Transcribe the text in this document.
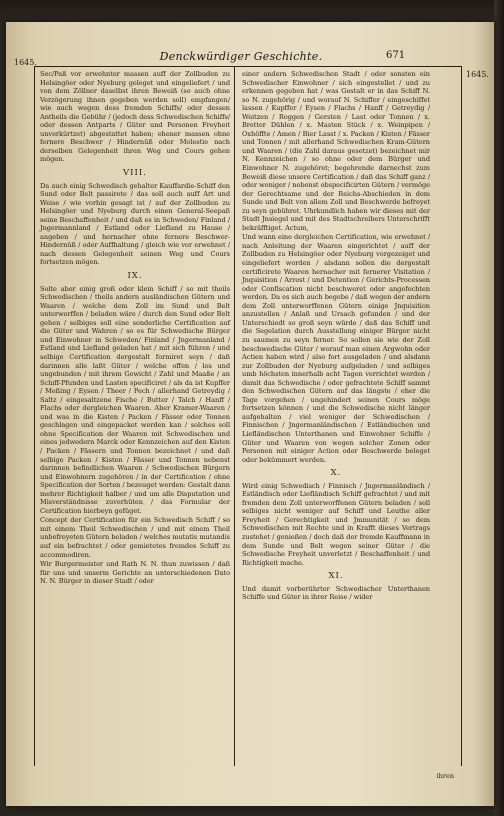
1645.
1645.
Denckwürdiger Geschichte.	671

Sec/Paß vor erwehnter massen auff der Zollbuden zu Helsingöer oder Nyeburg geleget und eingeliefert / und von dem Zöllner daselbst ihren Beweiß (so auch ohne Verzögerung ihnen gegeben werden soll) empfangen/ wie auch wegen dess fremden Schiffs/ oder dessen Antheils die Gebühr / (jedoch dess Schwedischen Schiffs/ oder dessen Antparts / Güter und Personen Freyheit unverkürtzet) abgestattet haben; ehener massen ohne fernere Beschwer / Hindernüß oder Molestie nach derselben Gelegenheit ihren Weg und Cours gehen mögen.

VIII.

Da auch einig Schwedisch gehalter Kauffardie-Schiff den Sund oder Belt passirete / das soll auch auff Art und Weise / wie vorhin gesagt ist / auf der Zollbuden zu Helsingöer und Nyeburg durch einen General-Seepaß seine Beschaffenheit / und daß es in Schweden/ Finland / Jngermannland / Estland oder Liefland zu Hause / angeben / und hernacher ohne fernere Beschwer-Hindernüß / oder Auffhaltung / gleich wie vor erwehnet / nach dessen Gelegenheit seinen Weg und Cours fortsetzen mögen.

IX.

Solte aber einig groß oder klein Schiff / so mit theils Schwedischen / theils andern ausländischen Gütern und Waaren / welche dem Zoll im Sund und Belt unterworffen / beladen wäre / durch den Sund oder Belt gehen / selbiges soll eine sonderliche Certification auf die Güter und Wahren / so es für Schwedische Bürger und Einwohner in Schweden/ Finland / Jngermanland / Estland und Liefland geladen hat / mit sich führen / und selbige Certification dergestalt formiret seyn / daß darinnen alle laßt Güter / welche offen / los und ungebunden / mit ihrem Gewicht / Zahl und Maaße / an Schiff-Pfunden und Lasten specificiret / als da ist Kupffer / Meßing / Eysen / Theer / Pech / allerhand Getreydig / Saltz / eingesaltzene Fische / Butter / Talch / Hanff / Flachs oder dergleichen Waaren. Aber Kramer-Waaren / und was in die Kisten / Packen / Fässer oder Tonnen geschlagen und eingepacket werden kan / solches soll ohne Specification der Waaren mit Schwedischen und eines jedwedern Marck oder Kennzeichen auf den Kisten / Packen / Fässern und Tonnen bezeichnet / und daß selbige Packen / Kisten / Fässer und Tonnen nebenst darinnen befindlichen Waaren / Schwedischen Bürgern und Einwohnern zugehören / in der Certification / ohne Specification der Sorten / bezeuget werden: Gestalt dann mehrer Richtigkeit halber / und um alle Disputation und Misverständnisse zuverhüten / das Formular der Certification hierbeyn gefüget.

Concept der Certification für ein Schwedisch Schiff / so mit einem Theil Schwedischen / und mit einem Theil unbefreyeten Gütern beladen / welches mutatis mutandis auf ein befrachtet / oder gemietetes fremdes Schiff zu accommodiren.

Wir Burgermeister und Rath N. N. thun zuwissen / daß für uns und unserm Gerichte an unterschiedenen Dato N. N. Bürger in dieser Stadt / oder

einer andern Schwedischen Stadt / oder sonsten ein Schwedischer Einwohner / sich eingestellet / und zu erkennen gegeben hat / was Gestalt er in das Schiff N. so N. zugehörig / und worauf N. Schiffer / eingeschiffet lassen / Kupffer / Eysen / Flachs / Hanff / Getreydig / Weitzen / Roggen / Gersten / Last oder Tonnen / x. Bretter Dühlen / x. Masten Stück / x. Weinpipen / Oxhöffte / Amen / Bier Lasst / x. Packen / Kisten / Fässer und Tonnen / mit allerhand Schwedischen Kram-Gütern und Waaren / (die Zahl daraus gesetzet) bezeichnet mir N. Kennzeichen / so ohne oder dem Bürger und Einwohner N. zugehöret; begehrende darnechst zum Beweiß diese unsere Certification / daß das Schiff ganz / oder weniger / nebenst obspecificirten Gütern / vermöge der Gerechtsame und der Reichs-Abschieden in dem Sunde und Belt von allem Zoll und Beschwerde befreyet zu seyn gebühret. Uhrkundlich haben wir dieses mit der Stadt Jnsiegel und mit des Stadtschreibers Unterschrifft bekräfftiget. Actum,

Und wann eine dergleichen Certification, wie erwehnet / nach Anleitung der Waaren eingerichtet / auff der Zollbuden zu Helsingöer oder Nyeburg vorgezeiget und eingeliefert worden / alsdann sollen die dergestalt certificirete Waaren hernacher mit fernerer Visitation / Jnquisition / Arrest / und Detention / Gerichts-Processen oder Confiscation nicht beschweret oder angefochten werden. Da es sich auch begebe / daß wegen der andern dem Zoll unterworffenen Gütern einige Jnquisition anzustellen / Anlaß und Ursach gefunden / und der Unterschiedt so groß seyn würde / daß das Schiff und die Segelation durch Ausstellung einiger Bürger nicht zu saumen zu seyn ferner. So sollen sie wie der Zoll beschwedische Güter / worauf man einen Argwohn oder Actien haben wird / also fort ausgeladen / und alsdann zur Zollbuden der Nyeburg aufgeladen / und selbiges umb höchsten innerhalb acht Tagen verrichtet werden / damit das Schwedische / oder gefrachtete Schiff sammt den Schwedischen Gütern auf das längste / eher die Tage vorgehen / ungehindert seinen Cours möge fortsetzen können / und die Schwedische nicht länger aufgehalten / viel weniger der Schwedischen / Finnischen / Jngermanländischen / Estländischen und Liefländischen Unterthanen und Einwohner Schiffe / Güter und Waaren von wegen solcher Zonen oder Personen mit einiger Action oder Beschwerde beleget oder bekümmert werden.

X.

Wird einig Schwedisch / Finnisch / Jngermanländisch / Estländisch oder Liefländisch Schiff gefrachtet / und mit fremden dem Zoll unterworffenen Gütern beladen / soll selbiges nicht weniger auf Schiff und Leuthe aller Freyheit / Gerechtigkeit und Jmmunität / so dem Schwedischen mit Rechte und in Krafft dieses Vertrags zustehet / genießen / doch daß der fremde Kauffmann in dem Sunde und Belt wegen seiner Güter / die Schwedische Freyheit unverletzt / Beschaffenheit / und Richtigkeit mache.

XI.

Und damit vorberührter Schwedischer Unterthanen Schiffe und Güter in ihrer Reise / wider

ihren
